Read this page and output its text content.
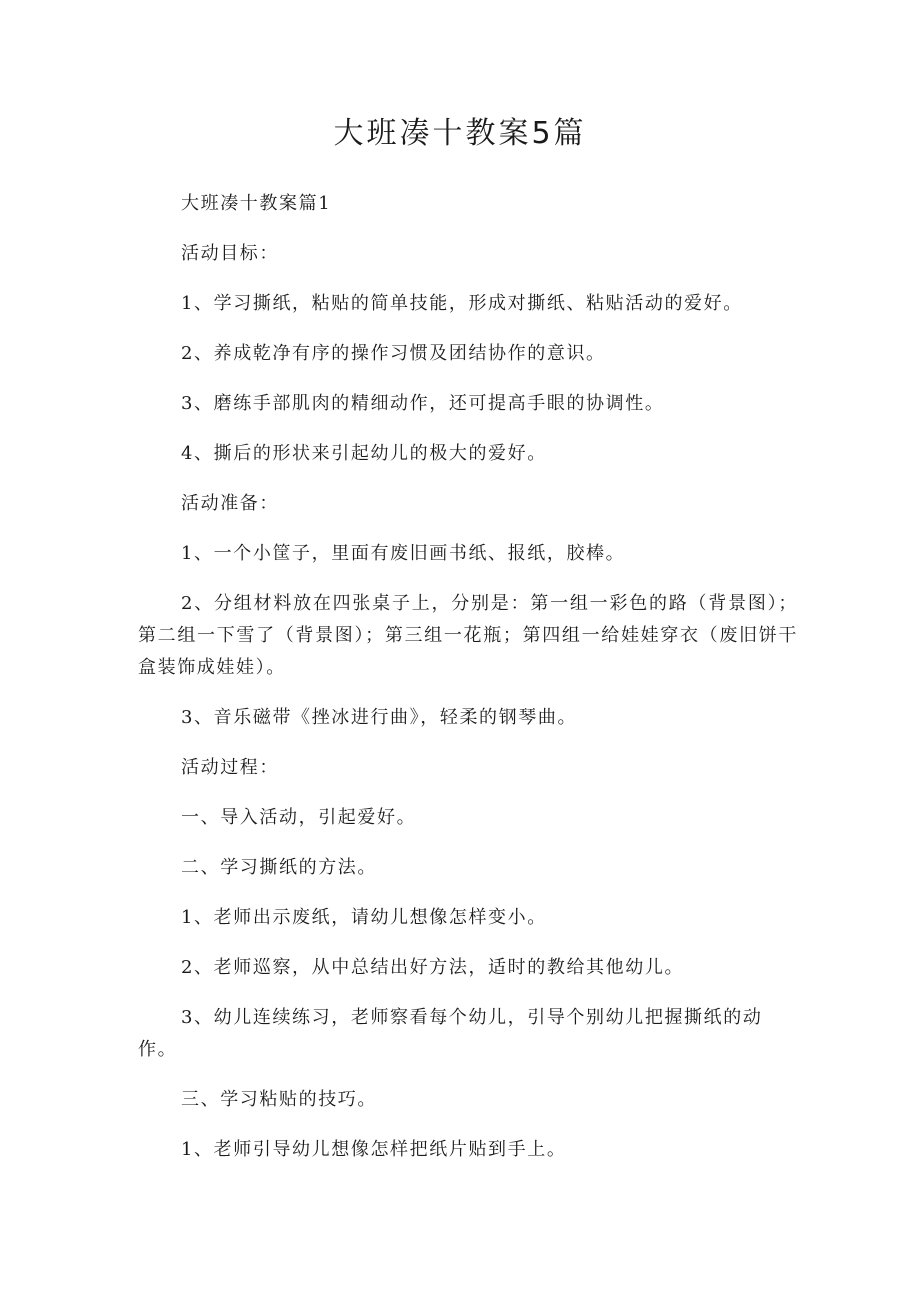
大班凑十教案5篇

大班凑十教案篇1

活动目标：

1、学习撕纸，粘贴的简单技能，形成对撕纸、粘贴活动的爱好。

2、养成乾净有序的操作习惯及团结协作的意识。

3、磨练手部肌肉的精细动作，还可提高手眼的协调性。

4、撕后的形状来引起幼儿的极大的爱好。

活动准备：

1、一个小筐子，里面有废旧画书纸、报纸，胶棒。

2、分组材料放在四张桌子上，分别是：第一组一彩色的路（背景图）；第二组一下雪了（背景图）；第三组一花瓶；第四组一给娃娃穿衣（废旧饼干盒装饰成娃娃）。

3、音乐磁带《挫冰进行曲》，轻柔的钢琴曲。

活动过程：

一、导入活动，引起爱好。

二、学习撕纸的方法。

1、老师出示废纸，请幼儿想像怎样变小。

2、老师巡察，从中总结出好方法，适时的教给其他幼儿。

3、幼儿连续练习，老师察看每个幼儿，引导个别幼儿把握撕纸的动作。

三、学习粘贴的技巧。

1、老师引导幼儿想像怎样把纸片贴到手上。
